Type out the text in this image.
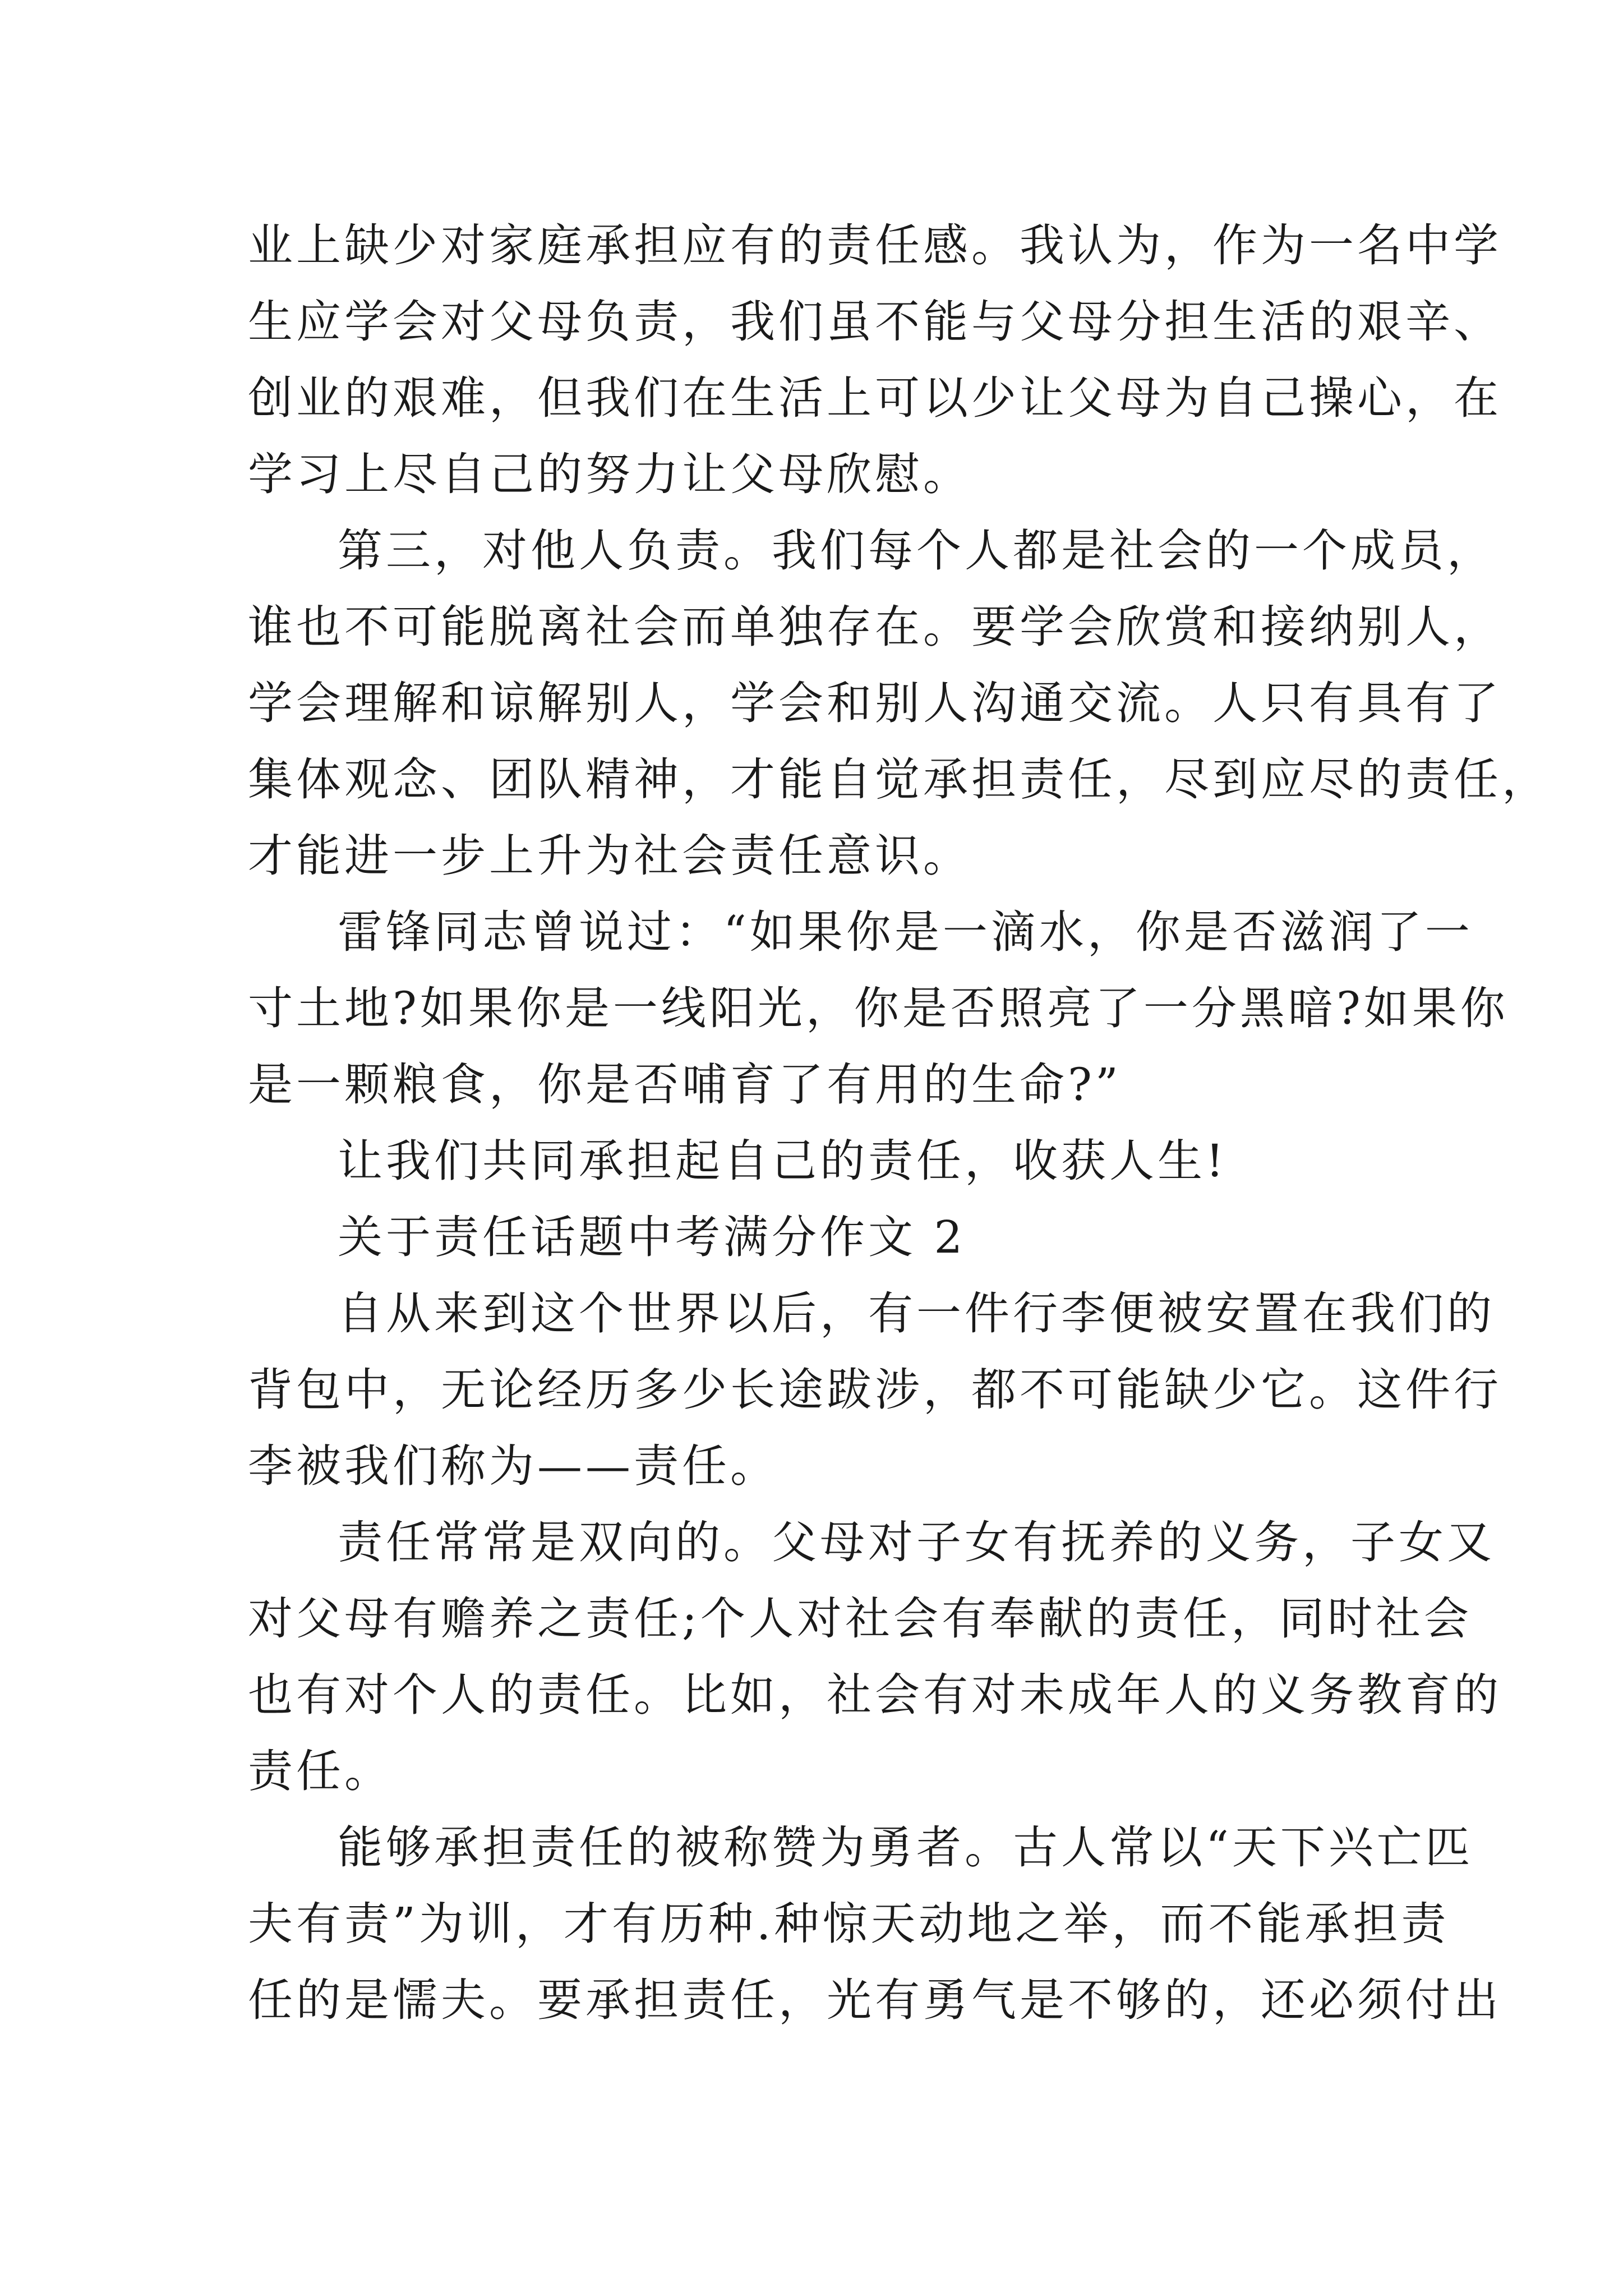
业上缺少对家庭承担应有的责任感。我认为，作为一名中学
生应学会对父母负责，我们虽不能与父母分担生活的艰辛、
创业的艰难，但我们在生活上可以少让父母为自己操心，在
学习上尽自己的努力让父母欣慰。
第三，对他人负责。我们每个人都是社会的一个成员，
谁也不可能脱离社会而单独存在。要学会欣赏和接纳别人，
学会理解和谅解别人，学会和别人沟通交流。人只有具有了
集体观念、团队精神，才能自觉承担责任，尽到应尽的责任，
才能进一步上升为社会责任意识。
雷锋同志曾说过：“如果你是一滴水，你是否滋润了一
寸土地?如果你是一线阳光，你是否照亮了一分黑暗?如果你
是一颗粮食，你是否哺育了有用的生命?”
让我们共同承担起自己的责任，收获人生!
关于责任话题中考满分作文 2
自从来到这个世界以后，有一件行李便被安置在我们的
背包中，无论经历多少长途跋涉，都不可能缺少它。这件行
李被我们称为——责任。
责任常常是双向的。父母对子女有抚养的义务，子女又
对父母有赡养之责任;个人对社会有奉献的责任，同时社会
也有对个人的责任。比如，社会有对未成年人的义务教育的
责任。
能够承担责任的被称赞为勇者。古人常以“天下兴亡匹
夫有责”为训，才有历种.种惊天动地之举，而不能承担责
任的是懦夫。要承担责任，光有勇气是不够的，还必须付出
